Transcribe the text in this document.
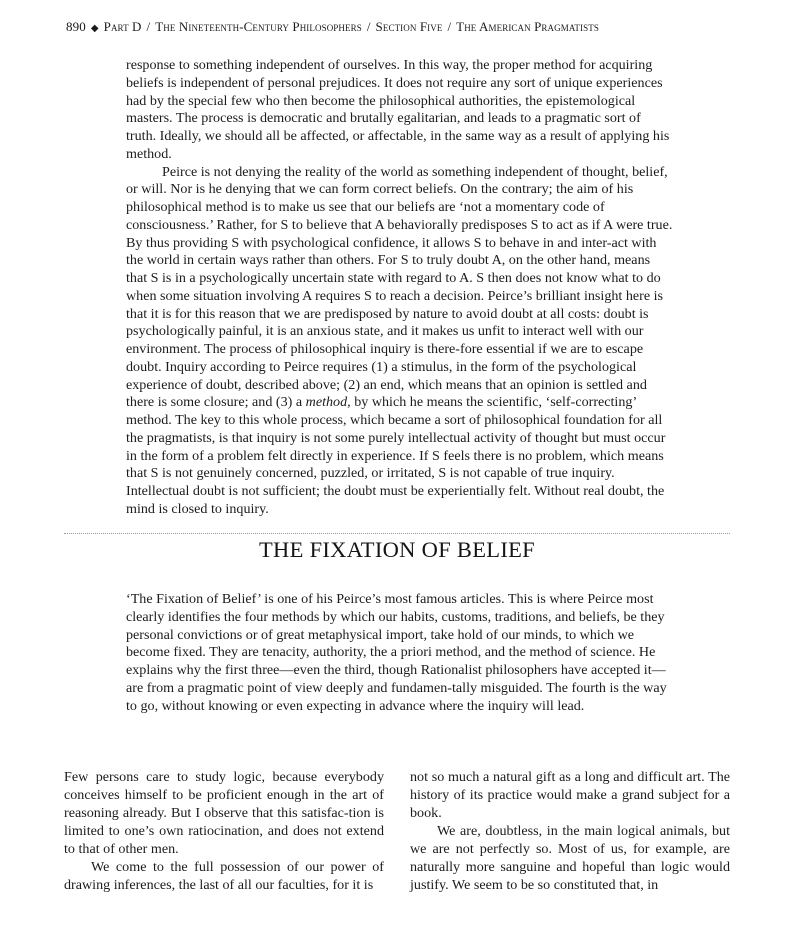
890 ◆ Part D / The Nineteenth-Century Philosophers / Section Five / The American Pragmatists

response to something independent of ourselves. In this way, the proper method for acquiring beliefs is independent of personal prejudices. It does not require any sort of unique experiences had by the special few who then become the philosophical authorities, the epistemological masters. The process is democratic and brutally egalitarian, and leads to a pragmatic sort of truth. Ideally, we should all be affected, or affectable, in the same way as a result of applying his method.

Peirce is not denying the reality of the world as something independent of thought, belief, or will. Nor is he denying that we can form correct beliefs. On the contrary; the aim of his philosophical method is to make us see that our beliefs are ‘not a momentary code of consciousness.’ Rather, for S to believe that A behaviorally predisposes S to act as if A were true. By thus providing S with psychological confidence, it allows S to behave in and inter-act with the world in certain ways rather than others. For S to truly doubt A, on the other hand, means that S is in a psychologically uncertain state with regard to A. S then does not know what to do when some situation involving A requires S to reach a decision. Peirce’s brilliant insight here is that it is for this reason that we are predisposed by nature to avoid doubt at all costs: doubt is psychologically painful, it is an anxious state, and it makes us unfit to interact well with our environment. The process of philosophical inquiry is there-fore essential if we are to escape doubt. Inquiry according to Peirce requires (1) a stimulus, in the form of the psychological experience of doubt, described above; (2) an end, which means that an opinion is settled and there is some closure; and (3) a method, by which he means the scientific, ‘self-correcting’ method. The key to this whole process, which became a sort of philosophical foundation for all the pragmatists, is that inquiry is not some purely intellectual activity of thought but must occur in the form of a problem felt directly in experience. If S feels there is no problem, which means that S is not genuinely concerned, puzzled, or irritated, S is not capable of true inquiry. Intellectual doubt is not sufficient; the doubt must be experientially felt. Without real doubt, the mind is closed to inquiry.

THE FIXATION OF BELIEF

‘The Fixation of Belief’ is one of his Peirce’s most famous articles. This is where Peirce most clearly identifies the four methods by which our habits, customs, traditions, and beliefs, be they personal convictions or of great metaphysical import, take hold of our minds, to which we become fixed. They are tenacity, authority, the a priori method, and the method of science. He explains why the first three—even the third, though Rationalist philosophers have accepted it—are from a pragmatic point of view deeply and fundamen-tally misguided. The fourth is the way to go, without knowing or even expecting in advance where the inquiry will lead.

Few persons care to study logic, because everybody conceives himself to be proficient enough in the art of reasoning already. But I observe that this satisfac-tion is limited to one’s own ratiocination, and does not extend to that of other men.

We come to the full possession of our power of drawing inferences, the last of all our faculties, for it is

not so much a natural gift as a long and difficult art. The history of its practice would make a grand subject for a book.

We are, doubtless, in the main logical animals, but we are not perfectly so. Most of us, for example, are naturally more sanguine and hopeful than logic would justify. We seem to be so constituted that, in
